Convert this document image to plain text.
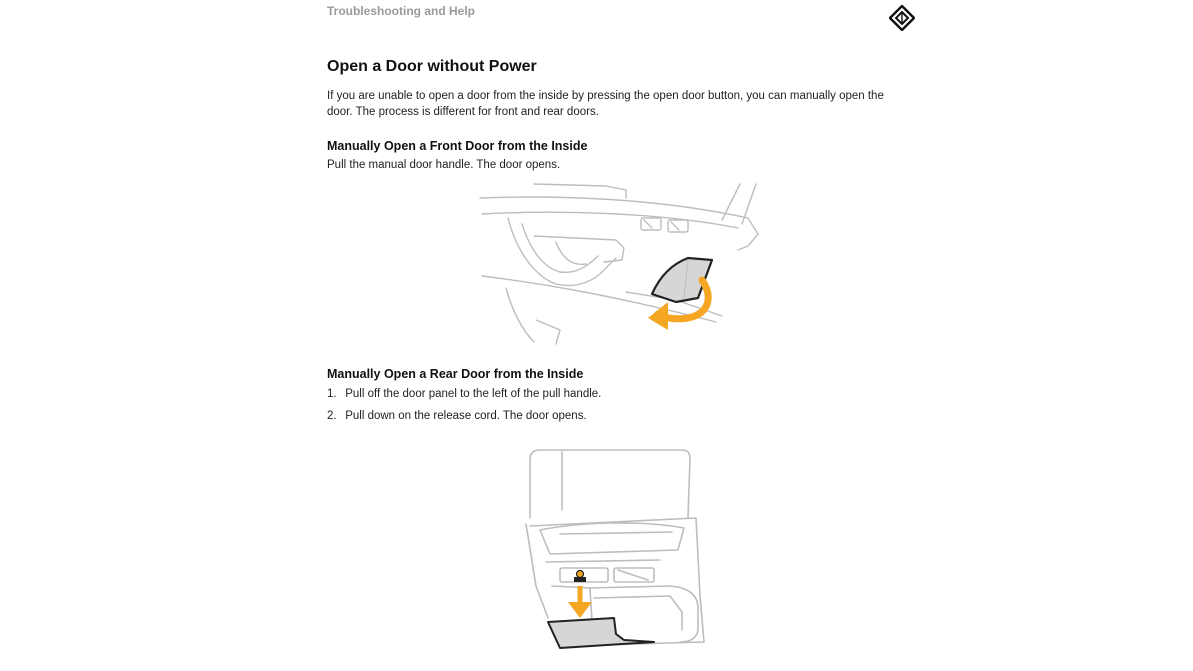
Troubleshooting and Help
Open a Door without Power

If you are unable to open a door from the inside by pressing the open door button, you can manually open the door. The process is different for front and rear doors.

Manually Open a Front Door from the Inside

Pull the manual door handle. The door opens.

Manually Open a Rear Door from the Inside
1. Pull off the door panel to the left of the pull handle.
2. Pull down on the release cord. The door opens.
